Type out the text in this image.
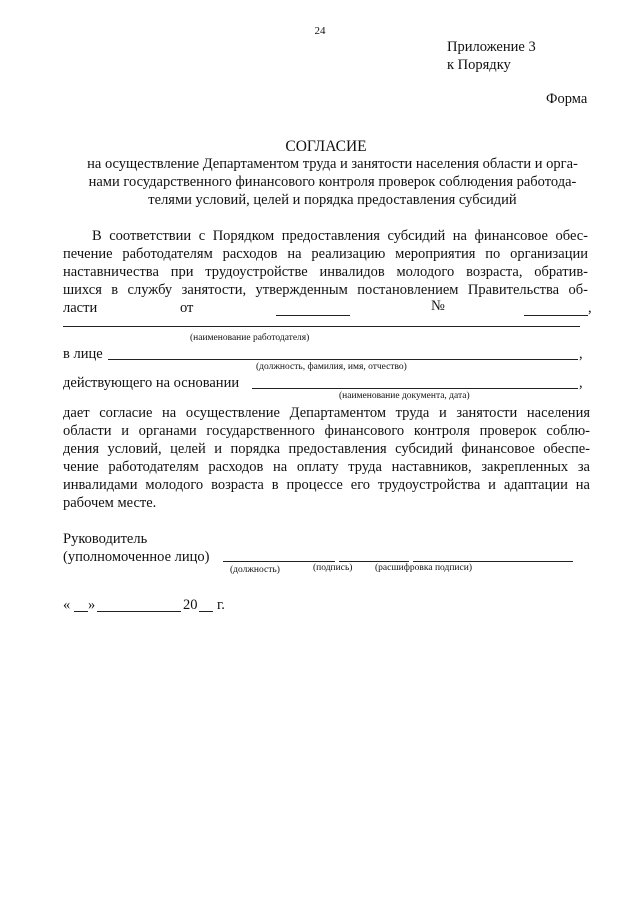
24
Приложение 3
к Порядку
Форма
СОГЛАСИЕ
на осуществление Департаментом труда и занятости населения области и орга-
нами государственного финансового контроля проверок соблюдения работода-
телями условий, целей и порядка предоставления субсидий
В соответствии с Порядком предоставления субсидий на финансовое обес-
печение работодателям расходов на реализацию мероприятия по организации
наставничества при трудоустройстве инвалидов молодого возраста, обратив-
шихся в службу занятости, утвержденным постановлением Правительства об-
ласти	от	№	,
(наименование работодателя)
в лице	,
(должность, фамилия, имя, отчество)
действующего на основании	,
(наименование документа, дата)
дает согласие на осуществление Департаментом труда и занятости населения
области и органами государственного финансового контроля проверок соблю-
дения условий, целей и порядка предоставления субсидий финансовое обеспе-
чение работодателям расходов на оплату труда наставников, закрепленных за
инвалидами молодого возраста в процессе его трудоустройства и адаптации на
рабочем месте.
Руководитель
(уполномоченное лицо)
(должность)	(подпись) (расшифровка подписи)
« »	20 г.
